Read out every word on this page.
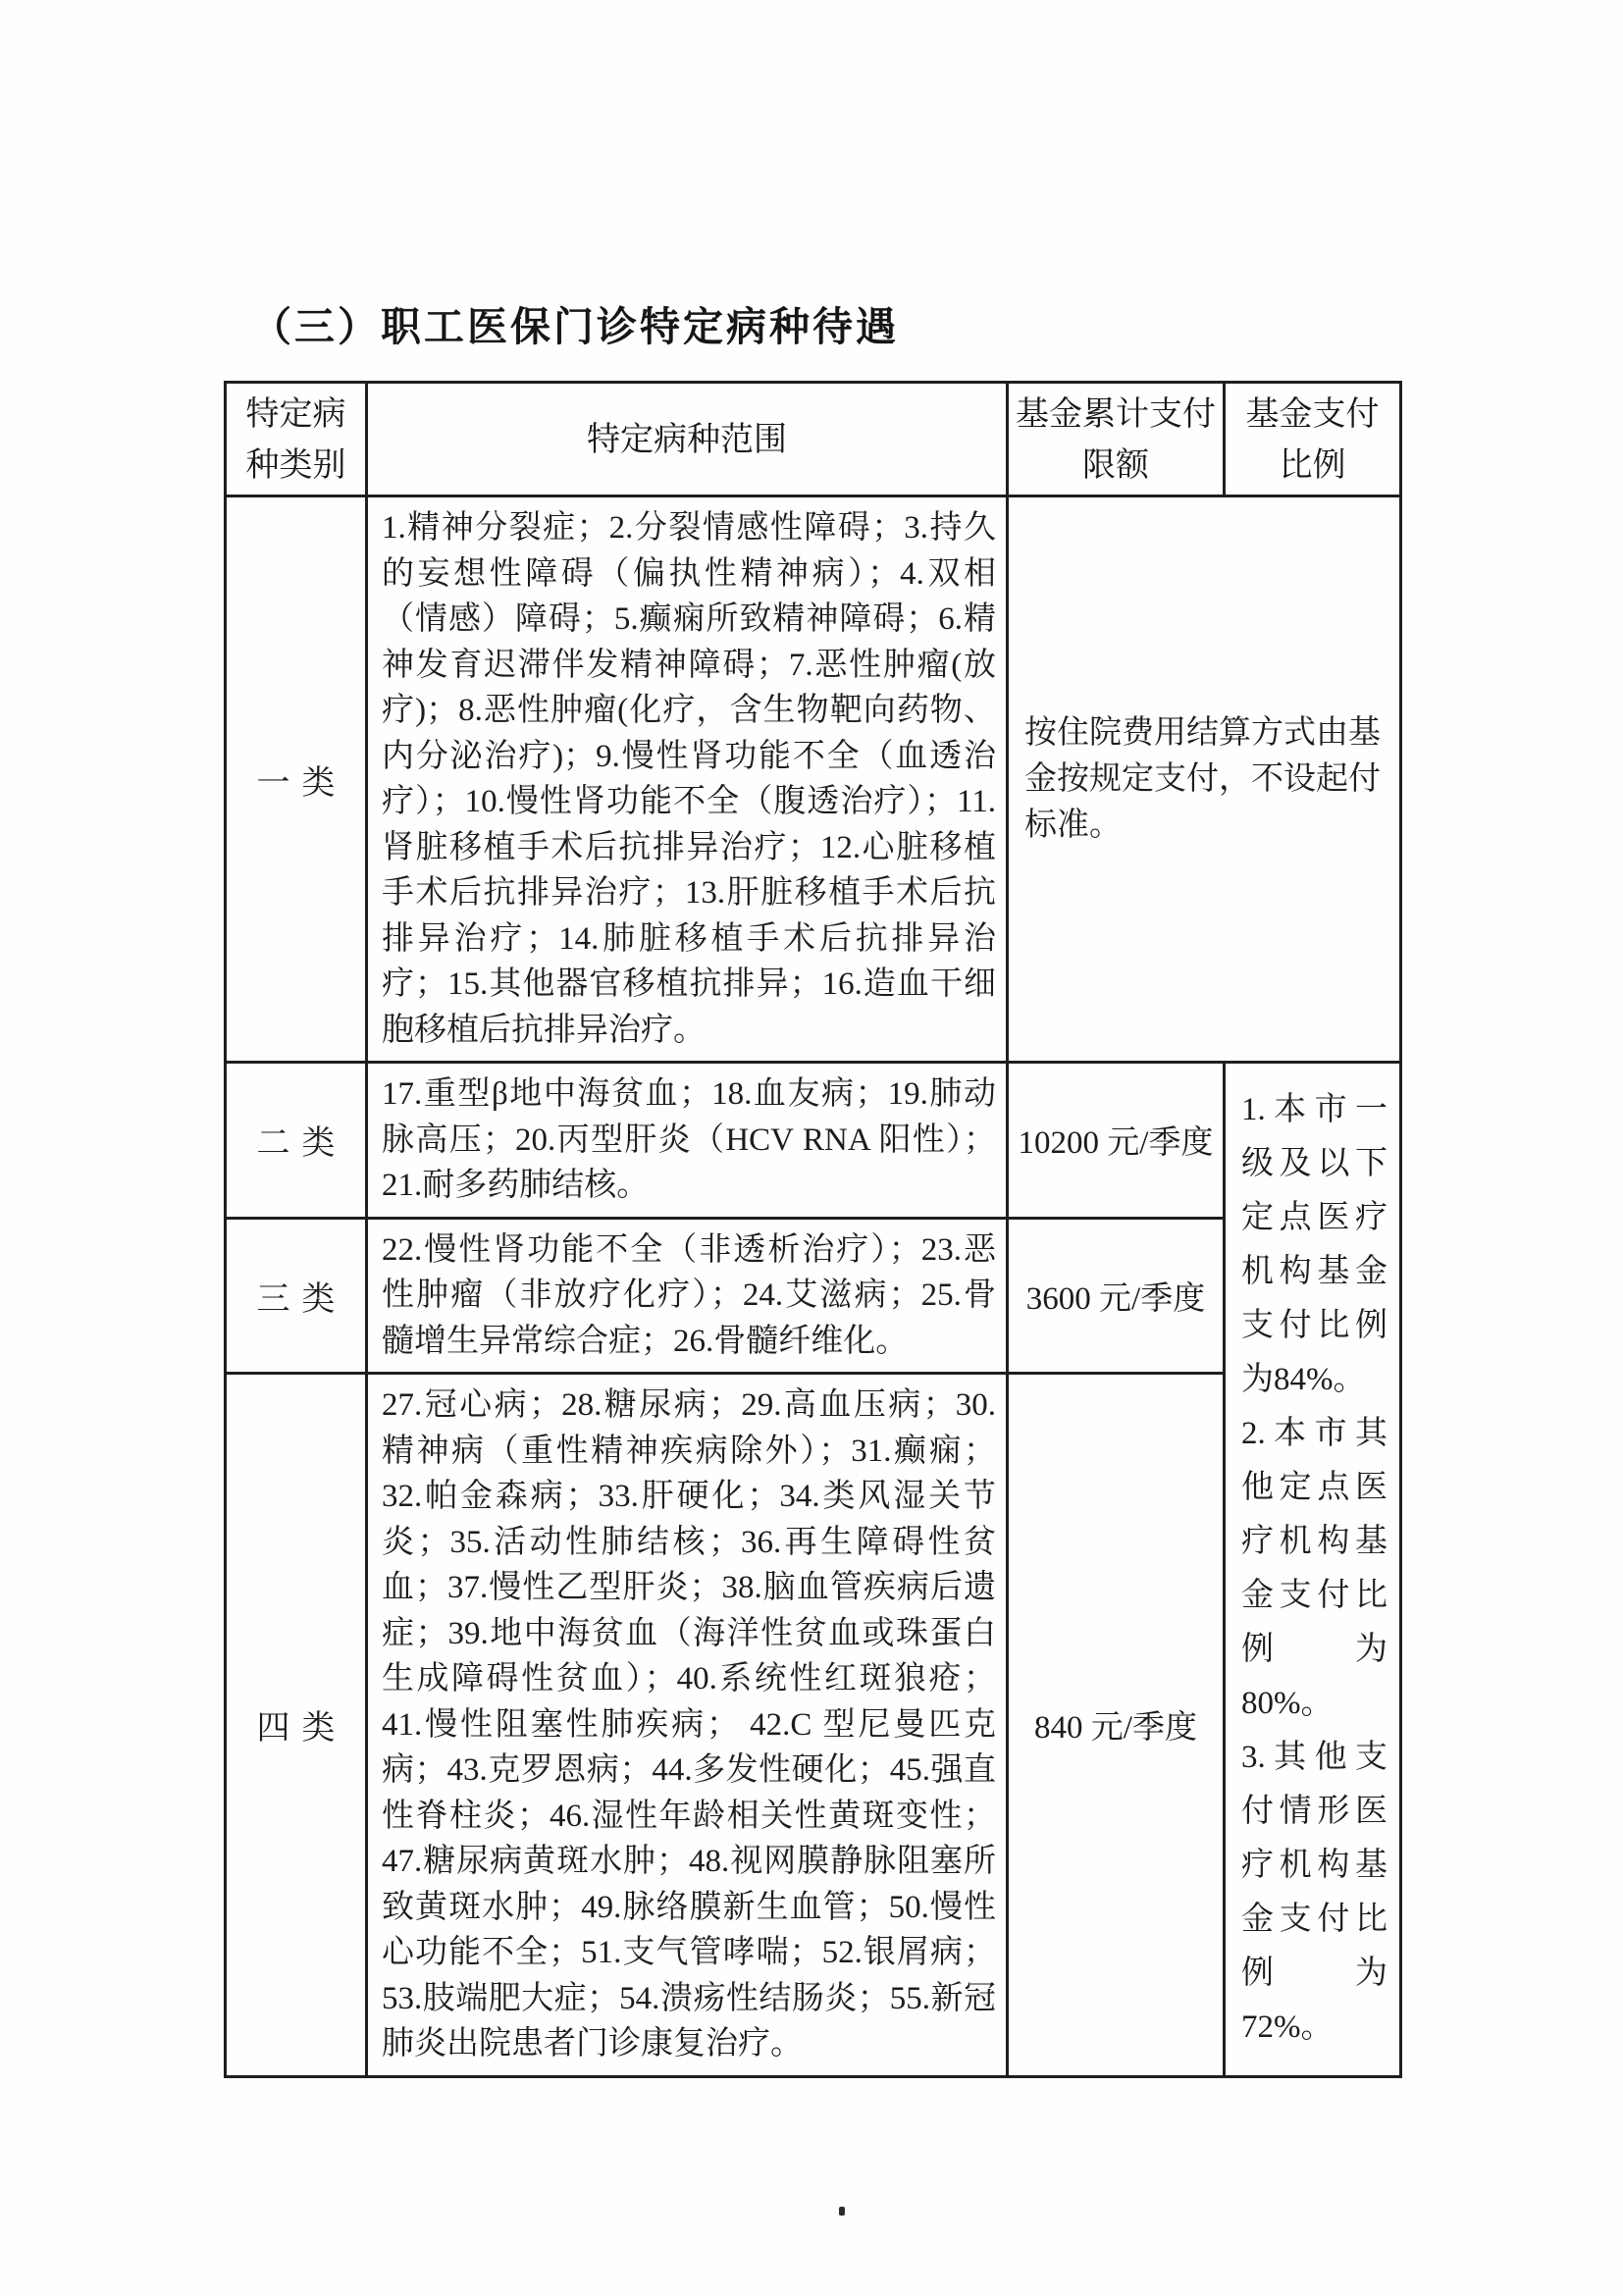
（三）职工医保门诊特定病种待遇
特定病种类别	特定病种范围	基金累计支付限额	基金支付比例
一类	1.精神分裂症；2.分裂情感性障碍；3.持久的妄想性障碍（偏执性精神病）；4.双相（情感）障碍；5.癫痫所致精神障碍；6.精神发育迟滞伴发精神障碍；7.恶性肿瘤(放疗)；8.恶性肿瘤(化疗，含生物靶向药物、内分泌治疗)；9.慢性肾功能不全（血透治疗）；10.慢性肾功能不全（腹透治疗）；11.肾脏移植手术后抗排异治疗；12.心脏移植手术后抗排异治疗；13.肝脏移植手术后抗排异治疗；14.肺脏移植手术后抗排异治疗；15.其他器官移植抗排异；16.造血干细胞移植后抗排异治疗。	按住院费用结算方式由基金按规定支付，不设起付标准。	
二类	17.重型β地中海贫血；18.血友病；19.肺动脉高压；20.丙型肝炎（HCV RNA 阳性）；21.耐多药肺结核。	10200 元/季度	1.本市一级及以下定点医疗机构基金支付比例为84%。

2.本市其他定点医疗机构基金支付比例为80%。

3.其他支付情形医疗机构基金支付比例为72%。

三类	22.慢性肾功能不全（非透析治疗）；23.恶性肿瘤（非放疗化疗）；24.艾滋病；25.骨髓增生异常综合症；26.骨髓纤维化。	3600 元/季度	
四类	27.冠心病；28.糖尿病；29.高血压病；30.精神病（重性精神疾病除外）；31.癫痫；32.帕金森病；33.肝硬化；34.类风湿关节炎；35.活动性肺结核；36.再生障碍性贫血；37.慢性乙型肝炎；38.脑血管疾病后遗症；39.地中海贫血（海洋性贫血或珠蛋白生成障碍性贫血）；40.系统性红斑狼疮；41.慢性阻塞性肺疾病； 42.C 型尼曼匹克病；43.克罗恩病；44.多发性硬化；45.强直性脊柱炎；46.湿性年龄相关性黄斑变性；47.糖尿病黄斑水肿；48.视网膜静脉阻塞所致黄斑水肿；49.脉络膜新生血管；50.慢性心功能不全；51.支气管哮喘；52.银屑病；53.肢端肥大症；54.溃疡性结肠炎；55.新冠肺炎出院患者门诊康复治疗。	840 元/季度	
